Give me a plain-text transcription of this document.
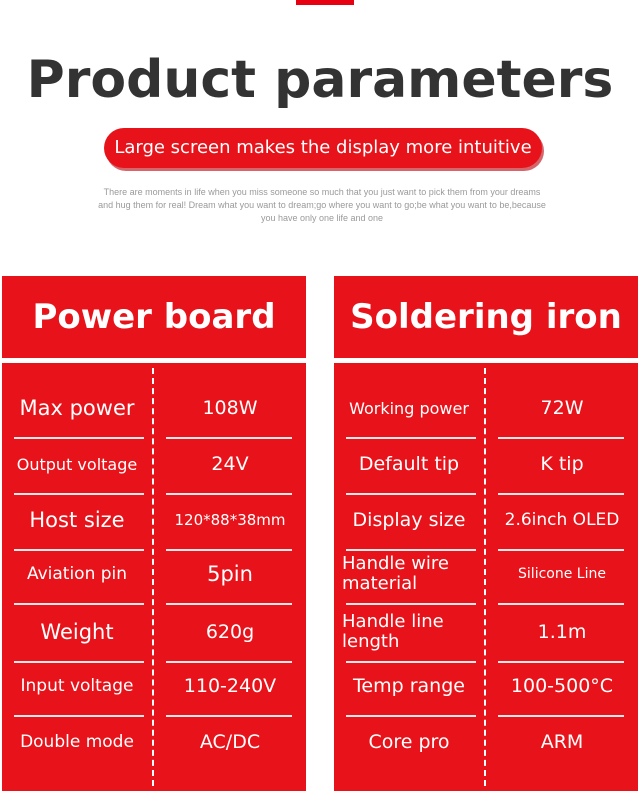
Product parameters
Large screen makes the display more intuitive
There are moments in life when you miss someone so much that you just want to pick them from your dreams and hug them for real! Dream what you want to dream;go where you want to go;be what you want to be,because you have only one life and one
Power board
Max power	108W
Output voltage	24V
Host size	120*88*38mm
Aviation pin	5pin
Weight	620g
Input voltage	110-240V
Double mode	AC/DC
Soldering iron
Working power	72W
Default tip	K tip
Display size	2.6inch OLED
Handle wire material	Silicone Line
Handle line length	1.1m
Temp range	100-500°C
Core pro	ARM
